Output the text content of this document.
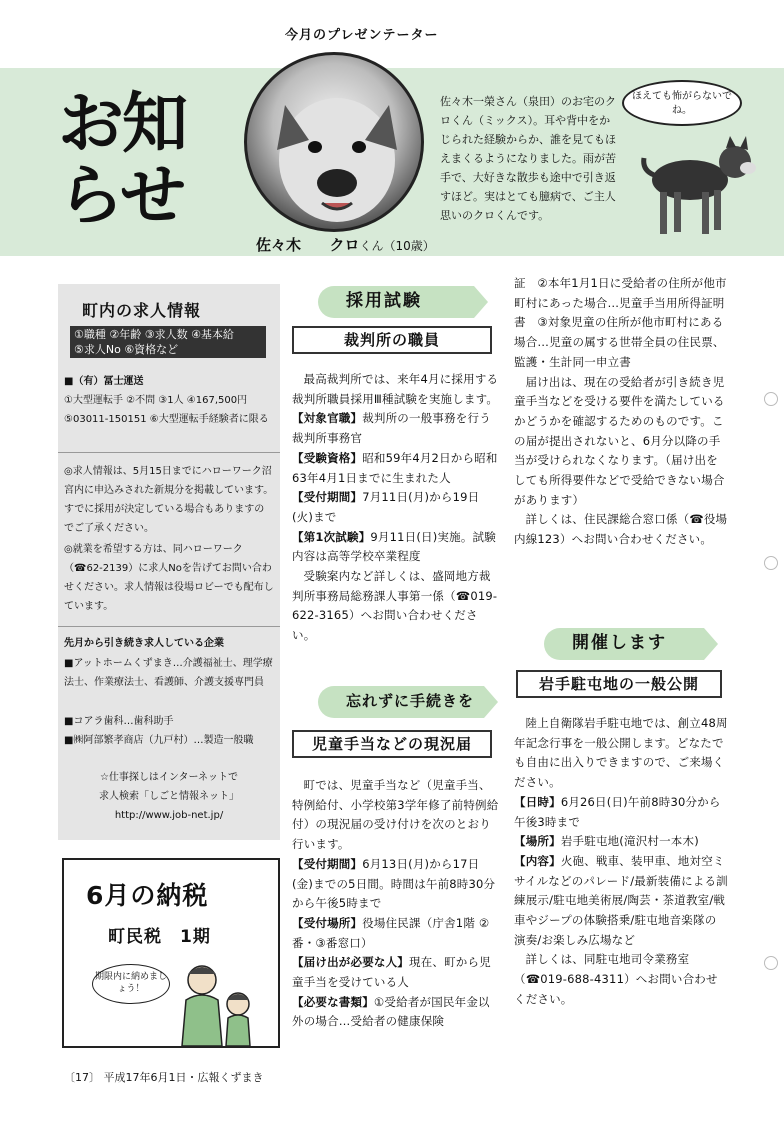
今月のプレゼンテーター
お知
らせ
佐々木 クロくん（10歳）
佐々木一榮さん（泉田）のお宅のクロくん（ミックス）。耳や背中をかじられた経験からか、誰を見てもほえまくるようになりました。雨が苦手で、大好きな散歩も途中で引き返すほど。実はとても臆病で、ご主人思いのクロくんです。
ほえても怖がらないでね。
町内の求人情報
①職種 ②年齢 ③求人数 ④基本給
⑤求人No ⑥資格など
■（有）冨士運送
①大型運転手 ②不問 ③1人 ④167,500円 ⑤03011-150151 ⑥大型運転手経験者に限る
◎求人情報は、5月15日までにハローワーク沼宮内に申込みされた新規分を掲載しています。すでに採用が決定している場合もありますのでご了承ください。
◎就業を希望する方は、同ハローワーク（☎62-2139）に求人Noを告げてお問い合わせください。求人情報は役場ロビーでも配布しています。
先月から引き続き求人している企業
■アットホームくずまき…介護福祉士、理学療法士、作業療法士、看護師、介護支援専門員
■コアラ歯科…歯科助手
■㈱阿部繁孝商店（九戸村）…製造一般職
☆仕事探しはインターネットで
求人検索「しごと情報ネット」
http://www.job-net.jp/
6月の納税
町民税　1期
期限内に納めましょう！
採用試験
裁判所の職員

最高裁判所では、来年4月に採用する裁判所職員採用Ⅲ種試験を実施します。

【対象官職】裁判所の一般事務を行う裁判所事務官

【受験資格】昭和59年4月2日から昭和63年4月1日までに生まれた人

【受付期間】7月11日(月)から19日(火)まで

【第1次試験】9月11日(日)実施。試験内容は高等学校卒業程度

受験案内など詳しくは、盛岡地方裁判所事務局総務課人事第一係（☎019-622-3165）へお問い合わせください。

忘れずに手続きを
児童手当などの現況届

町では、児童手当など（児童手当、特例給付、小学校第3学年修了前特例給付）の現況届の受け付けを次のとおり行います。

【受付期間】6月13日(月)から17日(金)までの5日間。時間は午前8時30分から午後5時まで

【受付場所】役場住民課（庁舎1階 ②番・③番窓口）

【届け出が必要な人】現在、町から児童手当を受けている人

【必要な書類】①受給者が国民年金以外の場合…受給者の健康保険

証　②本年1月1日に受給者の住所が他市町村にあった場合…児童手当用所得証明書　③対象児童の住所が他市町村にある場合…児童の属する世帯全員の住民票、監護・生計同一申立書

届け出は、現在の受給者が引き続き児童手当などを受ける要件を満たしているかどうかを確認するためのものです。この届が提出されないと、6月分以降の手当が受けられなくなります。（届け出をしても所得要件などで受給できない場合があります）

詳しくは、住民課総合窓口係（☎役場内線123）へお問い合わせください。

開催します
岩手駐屯地の一般公開

陸上自衛隊岩手駐屯地では、創立48周年記念行事を一般公開します。どなたでも自由に出入りできますので、ご来場ください。

【日時】6月26日(日)午前8時30分から午後3時まで

【場所】岩手駐屯地(滝沢村一本木)

【内容】火砲、戦車、装甲車、地対空ミサイルなどのパレード/最新装備による訓練展示/駐屯地美術展/陶芸・茶道教室/戦車やジープの体験搭乗/駐屯地音楽隊の演奏/お楽しみ広場など

詳しくは、同駐屯地司令業務室（☎019-688-4311）へお問い合わせください。

〔17〕 平成17年6月1日・広報くずまき
